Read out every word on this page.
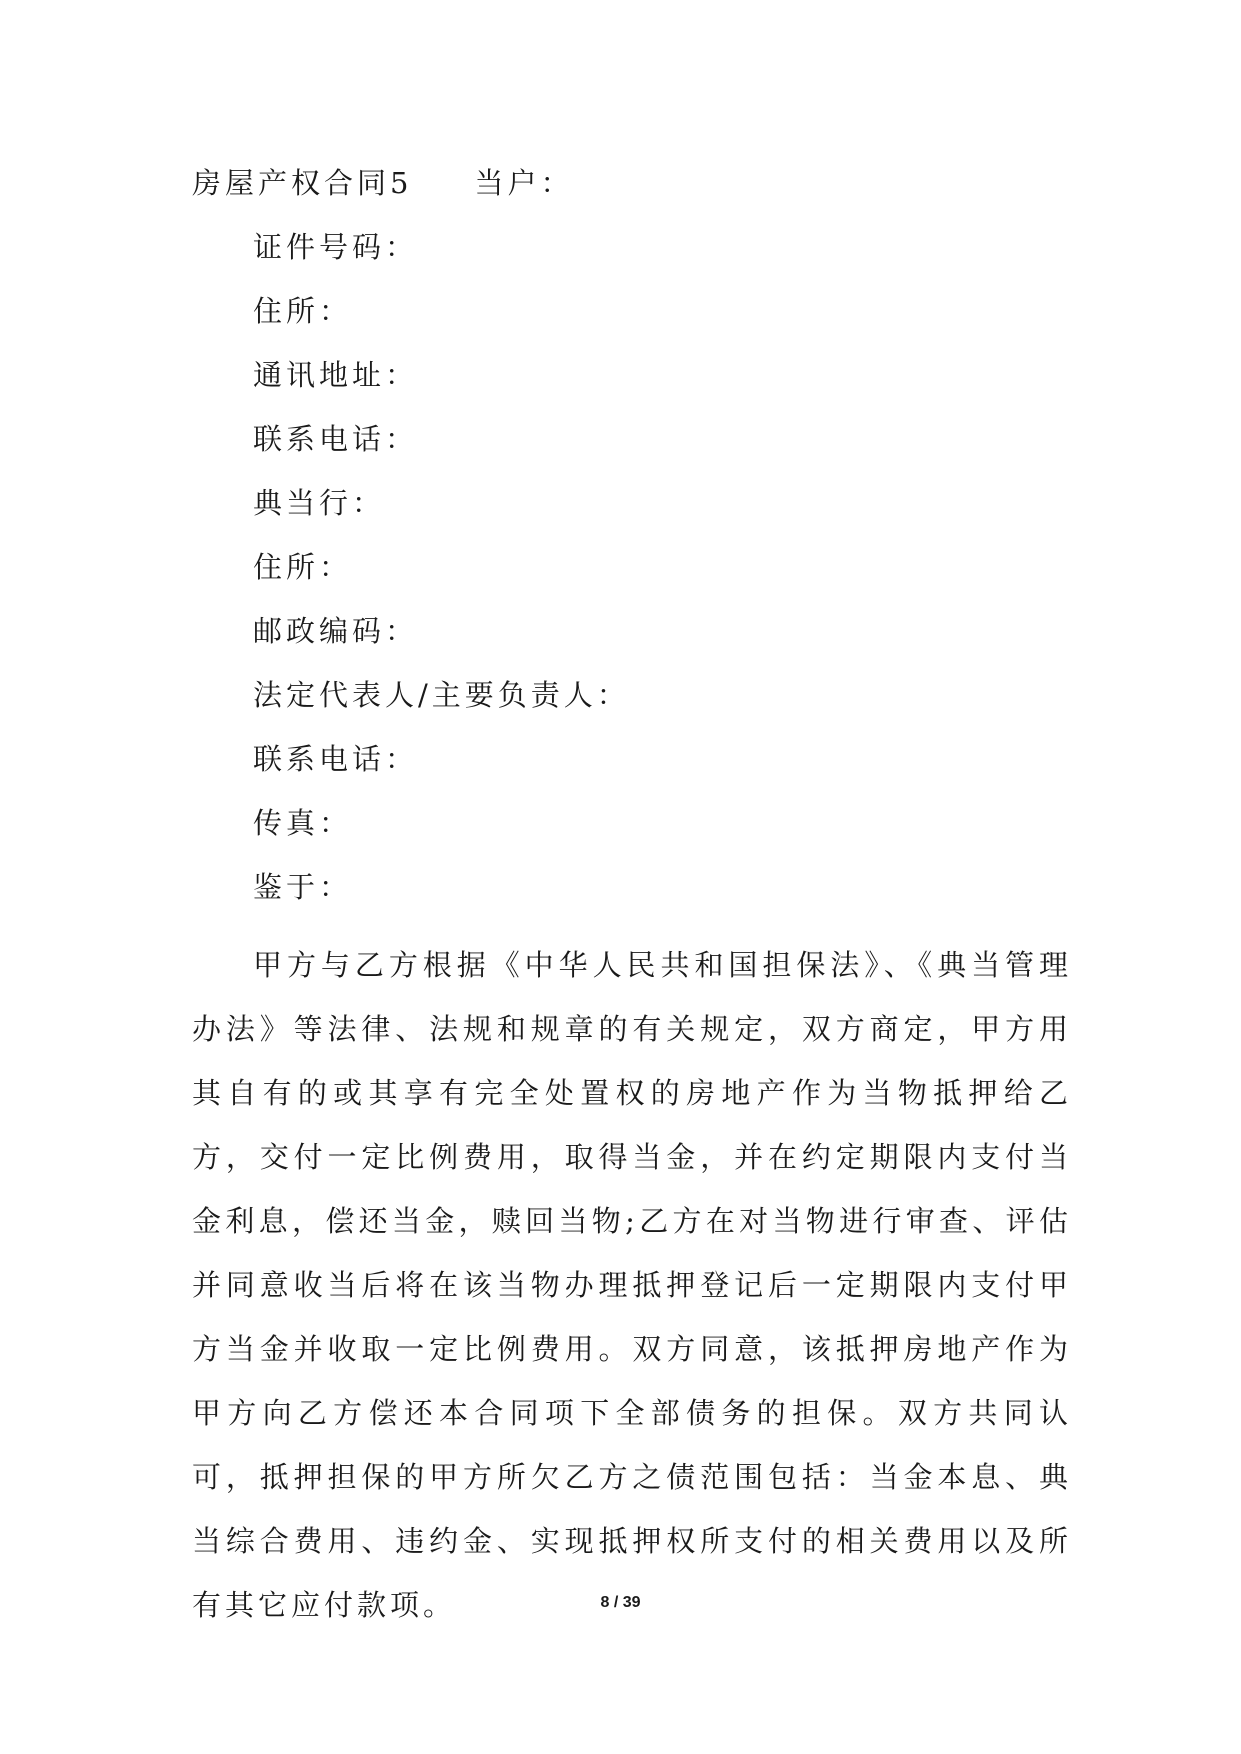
房屋产权合同5 当户：
证件号码：
住所：
通讯地址：
联系电话：
典当行：
住所：
邮政编码：
法定代表人/主要负责人：
联系电话：
传真：
鉴于：

甲方与乙方根据《中华人民共和国担保法》、《典当管理办法》等法律、法规和规章的有关规定，双方商定，甲方用其自有的或其享有完全处置权的房地产作为当物抵押给乙方，交付一定比例费用，取得当金，并在约定期限内支付当金利息，偿还当金，赎回当物;乙方在对当物进行审查、评估并同意收当后将在该当物办理抵押登记后一定期限内支付甲方当金并收取一定比例费用。双方同意，该抵押房地产作为甲方向乙方偿还本合同项下全部债务的担保。双方共同认可，抵押担保的甲方所欠乙方之债范围包括：当金本息、典当综合费用、违约金、实现抵押权所支付的相关费用以及所有其它应付款项。	8 / 39
